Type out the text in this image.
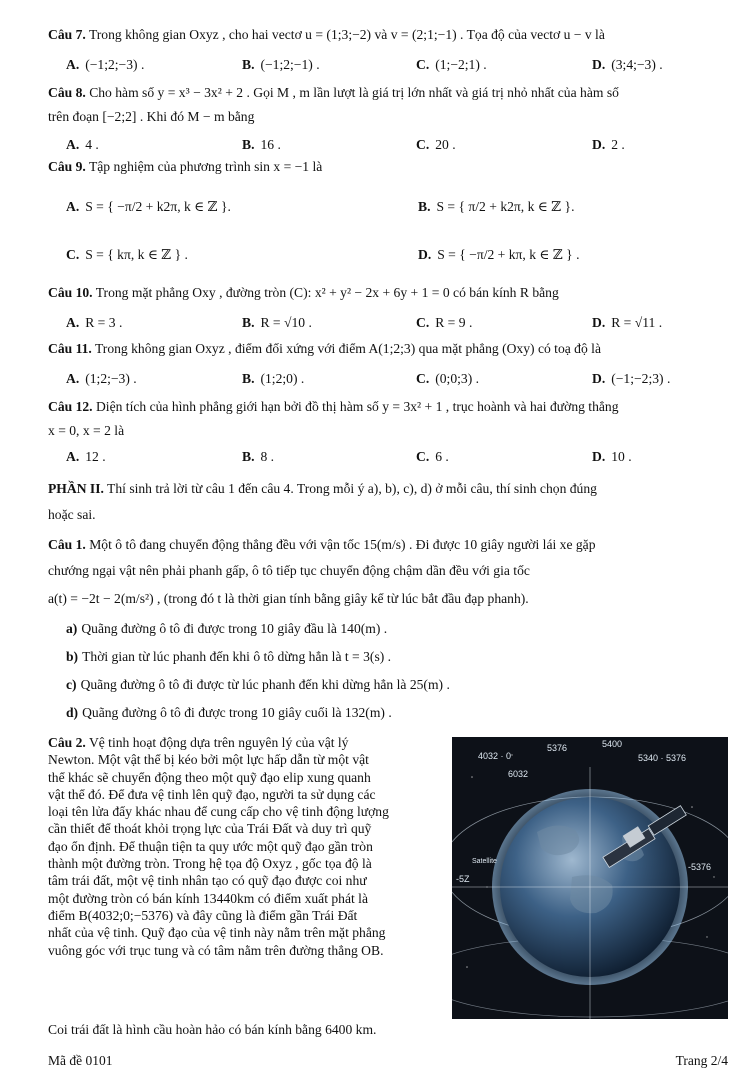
Câu 7. Trong không gian Oxyz , cho hai vectơ u = (1;3;−2) và v = (2;1;−1) . Tọa độ của vectơ u − v là
A. (−1;2;−3) .	B. (−1;2;−1) .	C. (1;−2;1) .	D. (3;4;−3) .
Câu 8. Cho hàm số y = x³ − 3x² + 2 . Gọi M , m lần lượt là giá trị lớn nhất và giá trị nhỏ nhất của hàm số
trên đoạn [−2;2] . Khi đó M − m bằng
A. 4 .	B. 16 .	C. 20 .	D. 2 .
Câu 9. Tập nghiệm của phương trình sin x = −1 là
A. S = { −π/2 + k2π, k ∈ ℤ }.	B. S = { π/2 + k2π, k ∈ ℤ }.
C. S = { kπ, k ∈ ℤ } .	D. S = { −π/2 + kπ, k ∈ ℤ } .
Câu 10. Trong mặt phẳng Oxy , đường tròn (C): x² + y² − 2x + 6y + 1 = 0 có bán kính R bằng
A. R = 3 .	B. R = √10 .	C. R = 9 .	D. R = √11 .
Câu 11. Trong không gian Oxyz , điểm đối xứng với điểm A(1;2;3) qua mặt phẳng (Oxy) có toạ độ là
A. (1;2;−3) .	B. (1;2;0) .	C. (0;0;3) .	D. (−1;−2;3) .
Câu 12. Diện tích của hình phẳng giới hạn bởi đồ thị hàm số y = 3x² + 1 , trục hoành và hai đường thẳng
x = 0, x = 2 là
A. 12 .	B. 8 .	C. 6 .	D. 10 .
PHẦN II. Thí sinh trả lời từ câu 1 đến câu 4. Trong mỗi ý a), b), c), d) ở mỗi câu, thí sinh chọn đúng
hoặc sai.
Câu 1. Một ô tô đang chuyển động thẳng đều với vận tốc 15(m/s) . Đi được 10 giây người lái xe gặp
chướng ngại vật nên phải phanh gấp, ô tô tiếp tục chuyển động chậm dần đều với gia tốc
a(t) = −2t − 2(m/s²) , (trong đó t là thời gian tính bằng giây kể từ lúc bắt đầu đạp phanh).
a) Quãng đường ô tô đi được trong 10 giây đầu là 140(m) .
b) Thời gian từ lúc phanh đến khi ô tô dừng hẳn là t = 3(s) .
c) Quãng đường ô tô đi được từ lúc phanh đến khi dừng hẳn là 25(m) .
d) Quãng đường ô tô đi được trong 10 giây cuối là 132(m) .
Câu 2. Vệ tinh hoạt động dựa trên nguyên lý của vật lý
Newton. Một vật thể bị kéo bởi một lực hấp dẫn từ một vật
thể khác sẽ chuyển động theo một quỹ đạo elip xung quanh
vật thể đó. Để đưa vệ tinh lên quỹ đạo, người ta sử dụng các
loại tên lửa đẩy khác nhau để cung cấp cho vệ tinh động lượng
cần thiết để thoát khỏi trọng lực của Trái Đất và duy trì quỹ
đạo ổn định. Để thuận tiện ta quy ước một quỹ đạo gần tròn
thành một đường tròn. Trong hệ tọa độ Oxyz , gốc tọa độ là
tâm trái đất, một vệ tinh nhân tạo có quỹ đạo được coi như
một đường tròn có bán kính 13440km có điểm xuất phát là
điểm B(4032;0;−5376) và đây cũng là điểm gần Trái Đất
nhất của vệ tinh. Quỹ đạo của vệ tinh này nằm trên mặt phẳng
vuông góc với trục tung và có tâm nằm trên đường thẳng OB.
Coi trái đất là hình cầu hoàn hảo có bán kính bằng 6400 km.
4032 · 0
5376
5340 · 5376
6032
5400
-5376
-5Z
Satellite
Mã đề 0101	Trang 2/4
